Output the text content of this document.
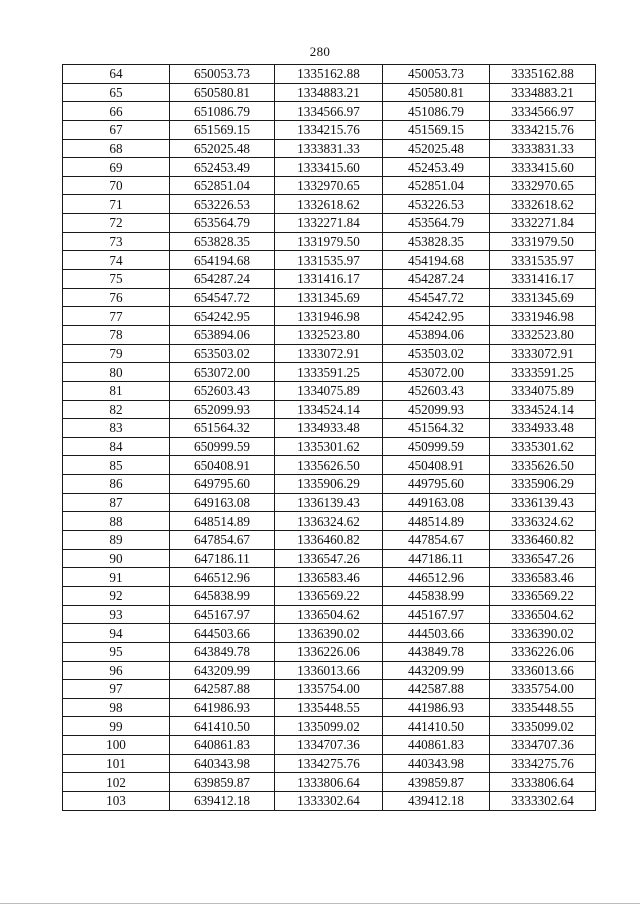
280
64	650053.73	1335162.88	450053.73	3335162.88
65	650580.81	1334883.21	450580.81	3334883.21
66	651086.79	1334566.97	451086.79	3334566.97
67	651569.15	1334215.76	451569.15	3334215.76
68	652025.48	1333831.33	452025.48	3333831.33
69	652453.49	1333415.60	452453.49	3333415.60
70	652851.04	1332970.65	452851.04	3332970.65
71	653226.53	1332618.62	453226.53	3332618.62
72	653564.79	1332271.84	453564.79	3332271.84
73	653828.35	1331979.50	453828.35	3331979.50
74	654194.68	1331535.97	454194.68	3331535.97
75	654287.24	1331416.17	454287.24	3331416.17
76	654547.72	1331345.69	454547.72	3331345.69
77	654242.95	1331946.98	454242.95	3331946.98
78	653894.06	1332523.80	453894.06	3332523.80
79	653503.02	1333072.91	453503.02	3333072.91
80	653072.00	1333591.25	453072.00	3333591.25
81	652603.43	1334075.89	452603.43	3334075.89
82	652099.93	1334524.14	452099.93	3334524.14
83	651564.32	1334933.48	451564.32	3334933.48
84	650999.59	1335301.62	450999.59	3335301.62
85	650408.91	1335626.50	450408.91	3335626.50
86	649795.60	1335906.29	449795.60	3335906.29
87	649163.08	1336139.43	449163.08	3336139.43
88	648514.89	1336324.62	448514.89	3336324.62
89	647854.67	1336460.82	447854.67	3336460.82
90	647186.11	1336547.26	447186.11	3336547.26
91	646512.96	1336583.46	446512.96	3336583.46
92	645838.99	1336569.22	445838.99	3336569.22
93	645167.97	1336504.62	445167.97	3336504.62
94	644503.66	1336390.02	444503.66	3336390.02
95	643849.78	1336226.06	443849.78	3336226.06
96	643209.99	1336013.66	443209.99	3336013.66
97	642587.88	1335754.00	442587.88	3335754.00
98	641986.93	1335448.55	441986.93	3335448.55
99	641410.50	1335099.02	441410.50	3335099.02
100	640861.83	1334707.36	440861.83	3334707.36
101	640343.98	1334275.76	440343.98	3334275.76
102	639859.87	1333806.64	439859.87	3333806.64
103	639412.18	1333302.64	439412.18	3333302.64
